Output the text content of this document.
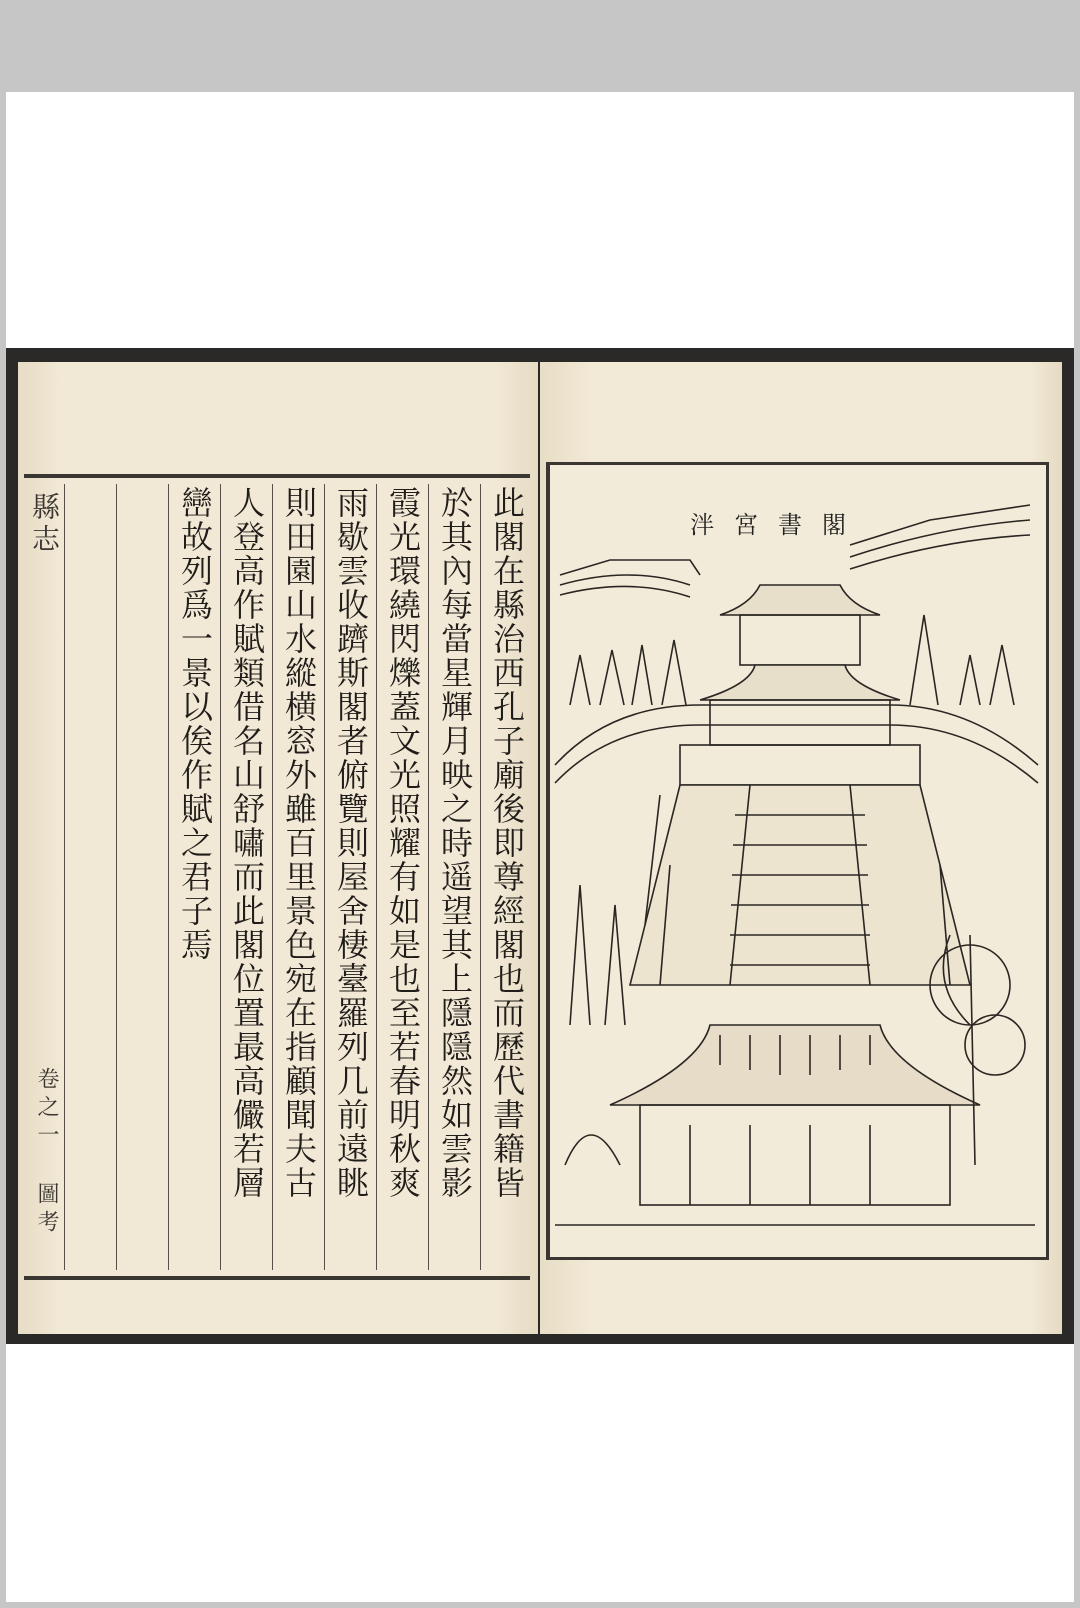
此閣在縣治西孔子廟後即尊經閣也而歷代書籍皆
於其內每當星輝月映之時遥望其上隱隱然如雲影
霞光環繞閃爍蓋文光照耀有如是也至若春明秋爽
雨歇雲收躋斯閣者俯覽則屋舍棲臺羅列几前遠眺
則田園山水縱横窓外雖百里景色宛在指顧聞夫古
人登高作賦類借名山舒嘯而此閣位置最高儼若層
巒故列爲一景以俟作賦之君子焉
縣志
卷之一 圖考
泮宮書閣
